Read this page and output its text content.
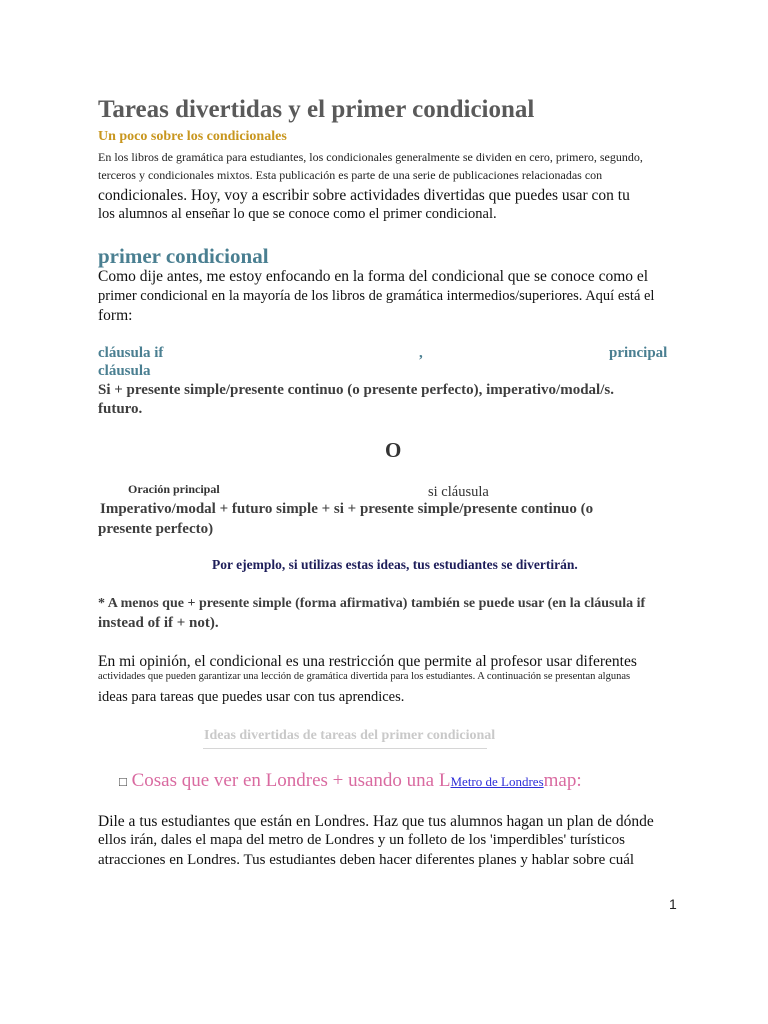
Tareas divertidas y el primer condicional
Un poco sobre los condicionales
En los libros de gramática para estudiantes, los condicionales generalmente se dividen en cero, primero, segundo,
terceros y condicionales mixtos. Esta publicación es parte de una serie de publicaciones relacionadas con
condicionales. Hoy, voy a escribir sobre actividades divertidas que puedes usar con tu
los alumnos al enseñar lo que se conoce como el primer condicional.
primer condicional
Como dije antes, me estoy enfocando en la forma del condicional que se conoce como el
primer condicional en la mayoría de los libros de gramática intermedios/superiores. Aquí está el
form:
cláusula if	,	principal
cláusula
Si + presente simple/presente continuo (o presente perfecto), imperativo/modal/s.
futuro.
O
Oración principal	si cláusula
Imperativo/modal + futuro simple + si + presente simple/presente continuo (o
presente perfecto)
Por ejemplo, si utilizas estas ideas, tus estudiantes se divertirán.
* A menos que + presente simple (forma afirmativa) también se puede usar (en la cláusula if
instead of if + not).
En mi opinión, el condicional es una restricción que permite al profesor usar diferentes
actividades que pueden garantizar una lección de gramática divertida para los estudiantes. A continuación se presentan algunas
ideas para tareas que puedes usar con tus aprendices.
Ideas divertidas de tareas del primer condicional
□ Cosas que ver en Londres + usando una LMetro de Londresmap:
Dile a tus estudiantes que están en Londres. Haz que tus alumnos hagan un plan de dónde
ellos irán, dales el mapa del metro de Londres y un folleto de los 'imperdibles' turísticos
atracciones en Londres. Tus estudiantes deben hacer diferentes planes y hablar sobre cuál
1
